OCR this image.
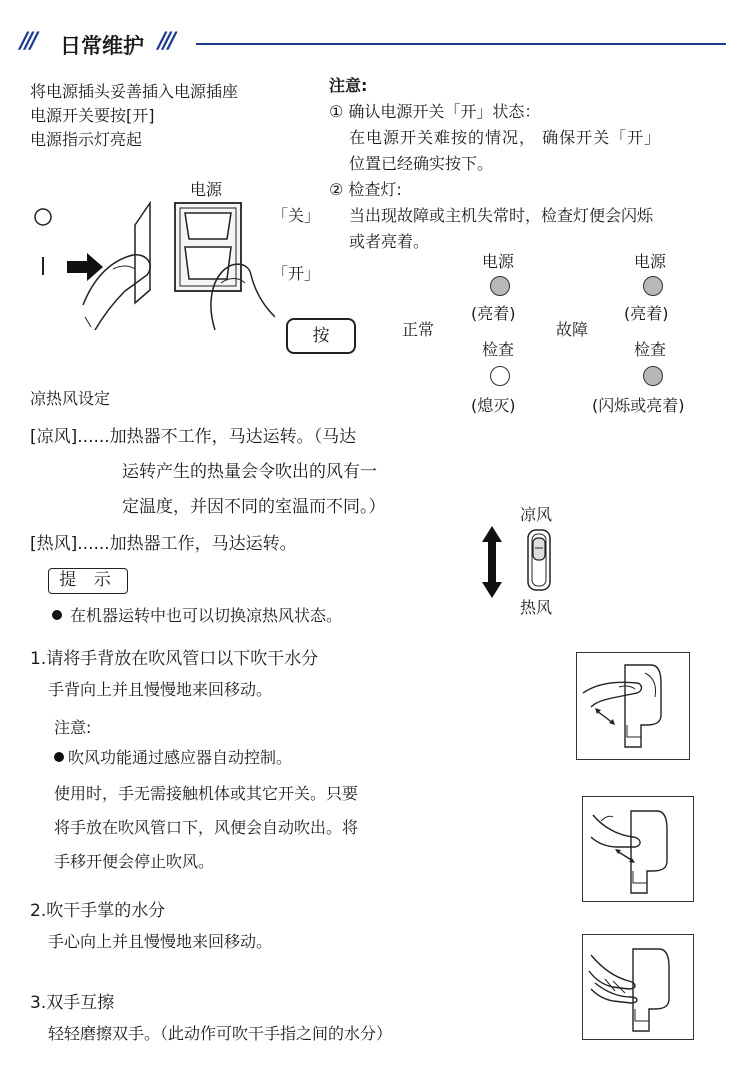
/// 日常维护 ///
将电源插头妥善插入电源插座
电源开关要按[开]
电源指示灯亮起
电源
「关」
「开」
按
注意:
① 确认电源开关「开」状态：
在电源开关难按的情况， 确保开关「开」
位置已经确实按下。
② 检查灯:
当出现故障或主机失常时，检查灯便会闪烁
或者亮着。
正常	故障
电源
(亮着)
检查
(熄灭)
电源
(亮着)
检查
(闪烁或亮着)
凉热风设定
[凉风]......加热器不工作，马达运转。（马达
运转产生的热量会令吹出的风有一
定温度，并因不同的室温而不同。）
[热风]......加热器工作，马达运转。
凉风
热风
提 示
在机器运转中也可以切换凉热风状态。
1.请将手背放在吹风管口以下吹干水分
手背向上并且慢慢地来回移动。
注意:
吹风功能通过感应器自动控制。
使用时，手无需接触机体或其它开关。只要
将手放在吹风管口下，风便会自动吹出。将
手移开便会停止吹风。
2.吹干手掌的水分
手心向上并且慢慢地来回移动。
3.双手互擦
轻轻磨擦双手。（此动作可吹干手指之间的水分）
